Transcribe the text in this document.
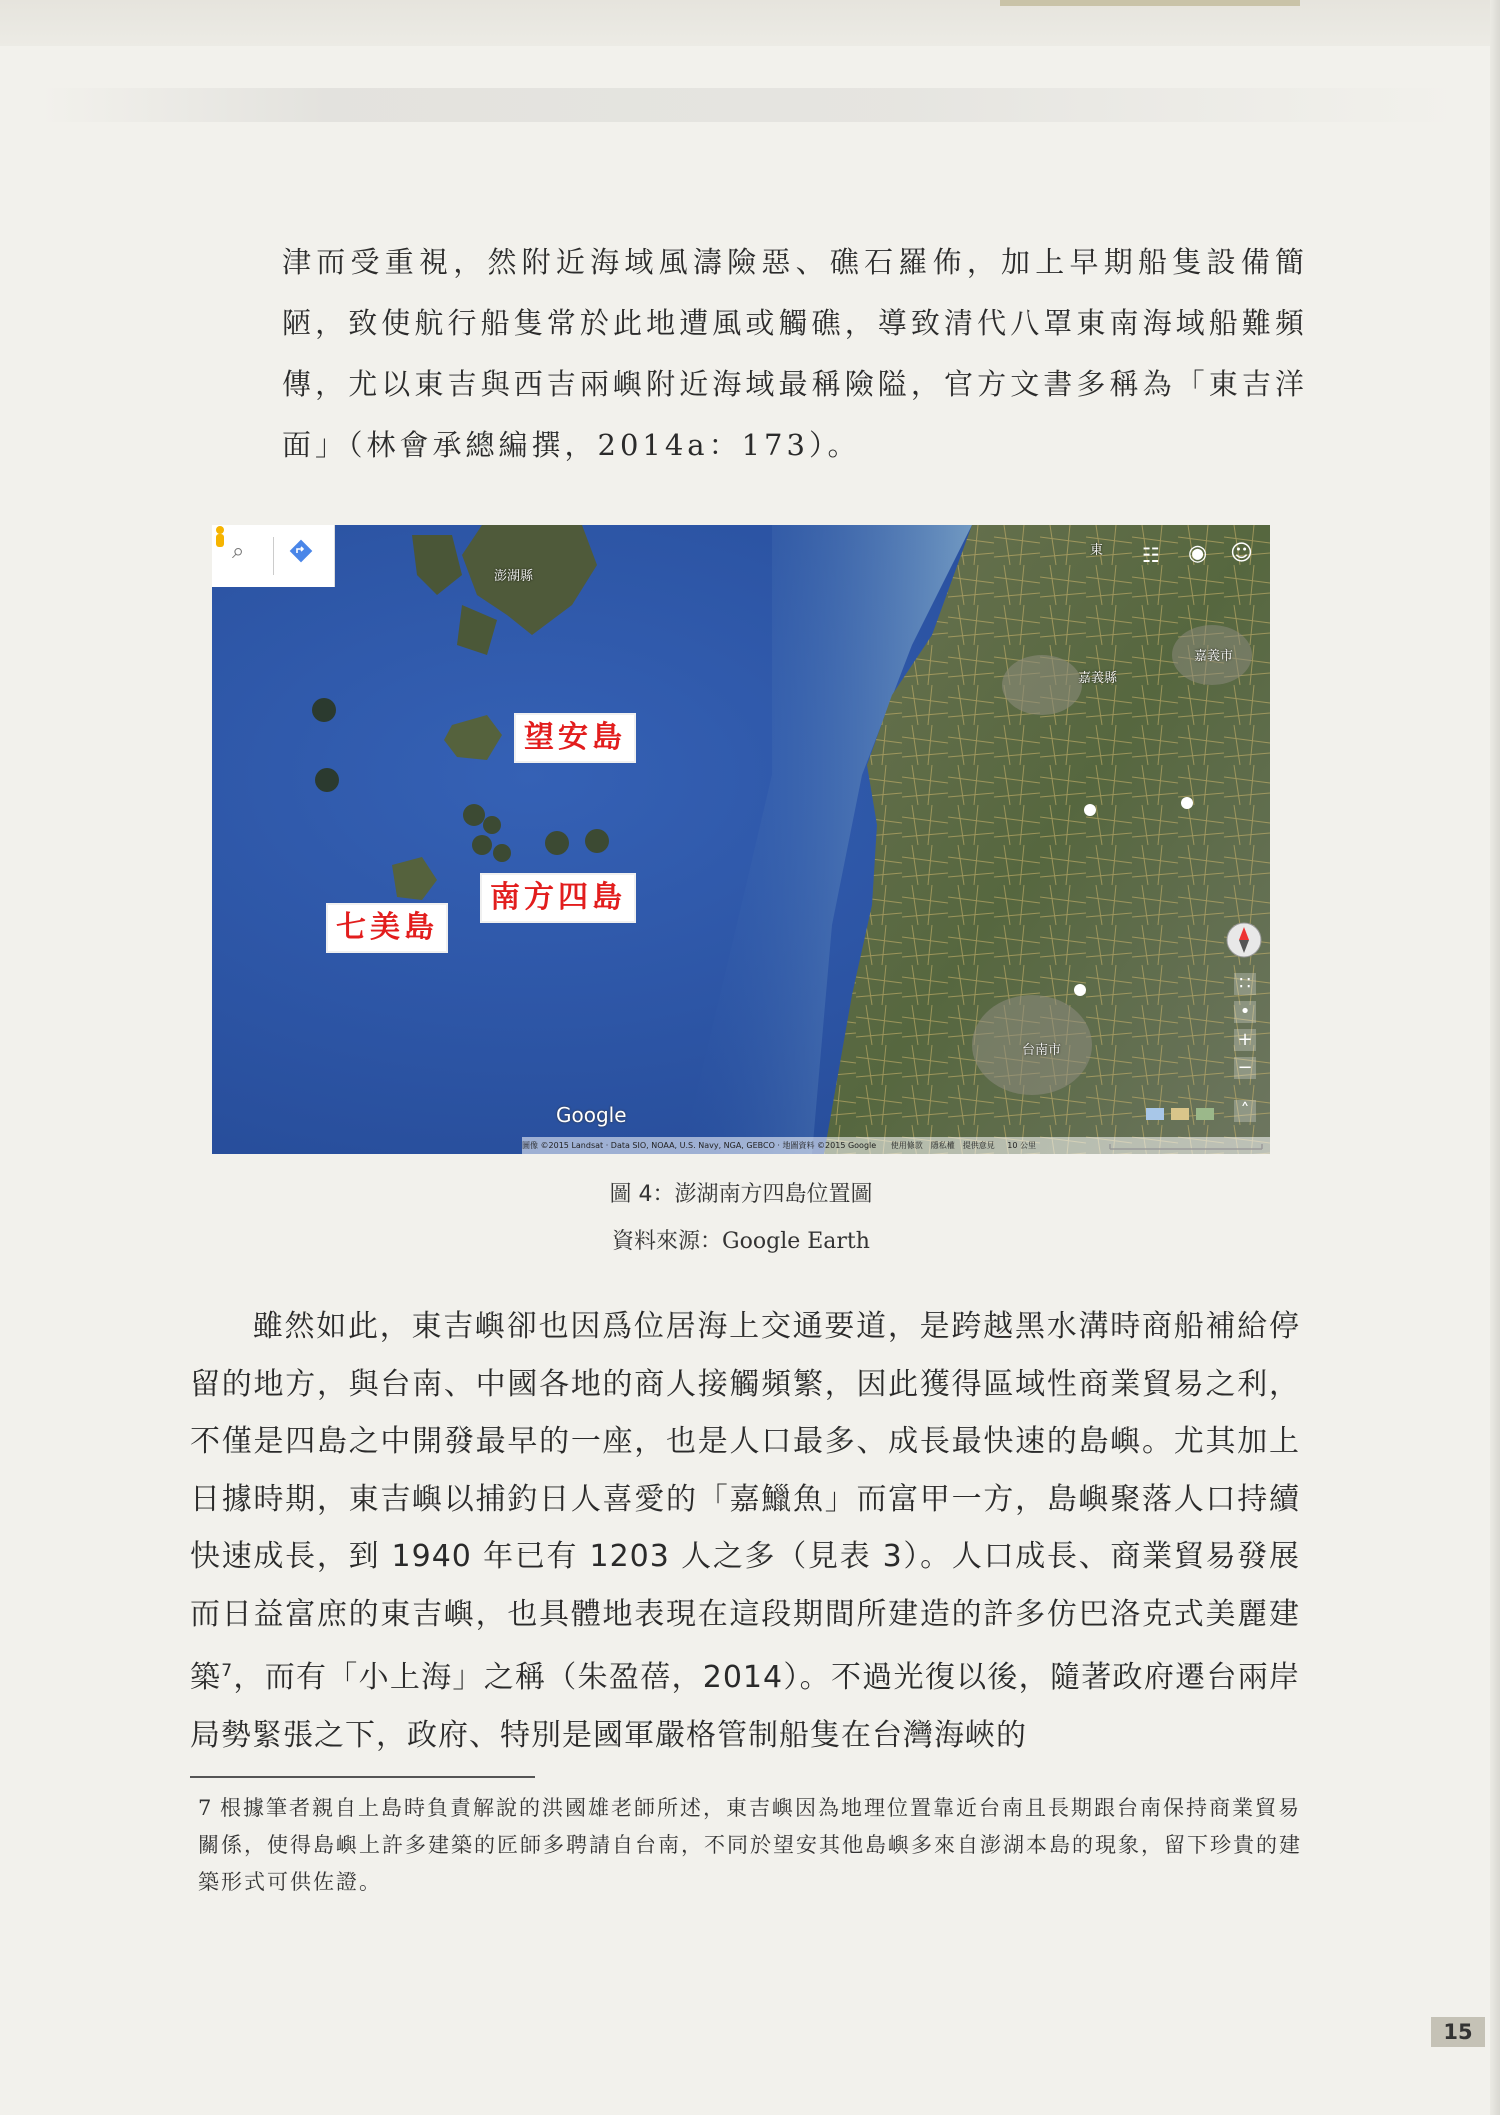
津而受重視，然附近海域風濤險惡、礁石羅佈，加上早期船隻設備簡陋，致使航行船隻常於此地遭風或觸礁，導致清代八罩東南海域船難頻傳，尤以東吉與西吉兩嶼附近海域最稱險隘，官方文書多稱為「東吉洋面」（林會承總編撰，2014a：173）。

⌕	☷ ◉ ☺
澎湖縣
東
嘉義縣
嘉義市
台南市
望安島
南方四島
七美島
∷
•
+
−
˄

Google
圖像 ©2015 Landsat · Data SIO, NOAA, U.S. Navy, NGA, GEBCO · 地圖資料 ©2015 Google 使用條款　隱私權　提供意見 10 公里

圖 4：澎湖南方四島位置圖

資料來源：Google Earth

雖然如此，東吉嶼卻也因爲位居海上交通要道，是跨越黑水溝時商船補給停留的地方，與台南、中國各地的商人接觸頻繁，因此獲得區域性商業貿易之利，不僅是四島之中開發最早的一座，也是人口最多、成長最快速的島嶼。尤其加上日據時期，東吉嶼以捕釣日人喜愛的「嘉鱲魚」而富甲一方，島嶼聚落人口持續快速成長，到 1940 年已有 1203 人之多（見表 3）。人口成長、商業貿易發展而日益富庶的東吉嶼，也具體地表現在這段期間所建造的許多仿巴洛克式美麗建築$^7$，而有「小上海」之稱（朱盈蓓，2014）。不過光復以後，隨著政府遷台兩岸局勢緊張之下，政府、特別是國軍嚴格管制船隻在台灣海峽的

7 根據筆者親自上島時負責解說的洪國雄老師所述，東吉嶼因為地理位置靠近台南且長期跟台南保持商業貿易關係，使得島嶼上許多建築的匠師多聘請自台南，不同於望安其他島嶼多來自澎湖本島的現象，留下珍貴的建築形式可供佐證。

15
